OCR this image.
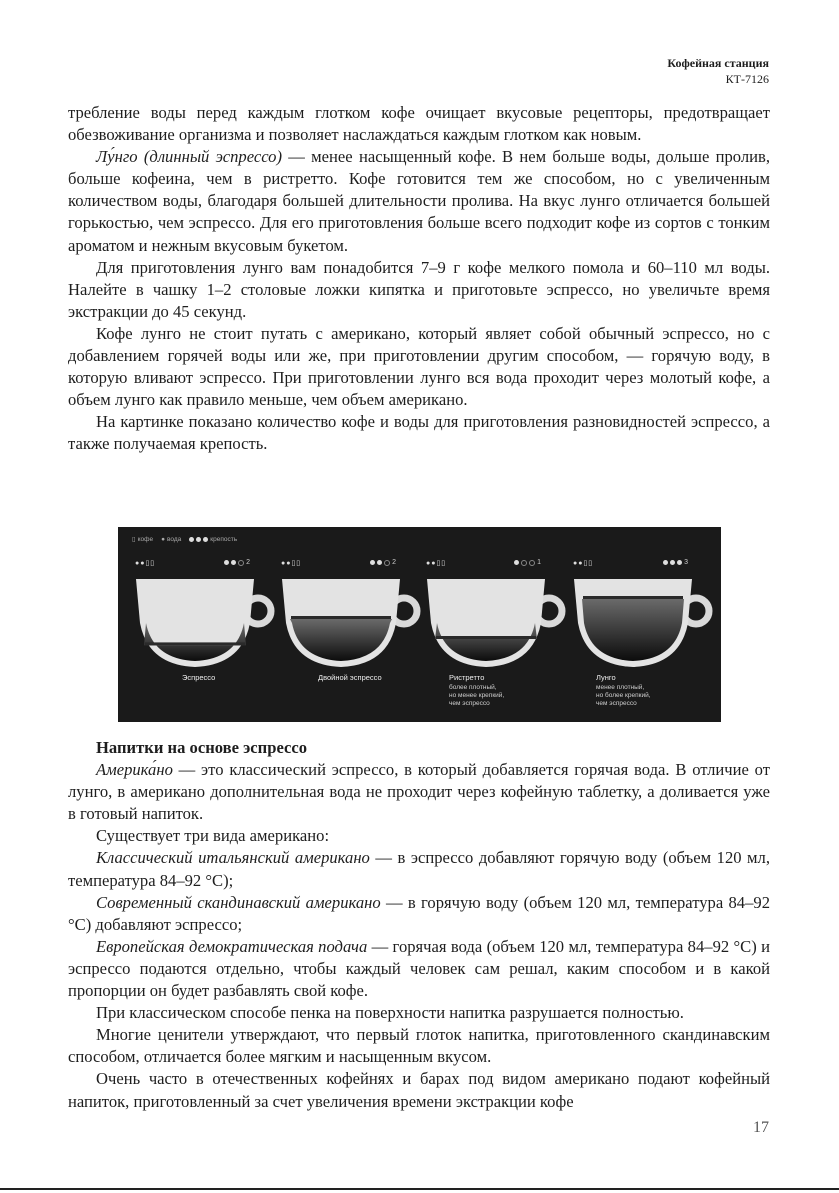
Кофейная станция
КТ-7126

требление воды перед каждым глотком кофе очищает вкусовые рецепторы, предотвращает обезвоживание организма и позволяет наслаждаться каждым глотком как новым.

Лу́нго (длинный эспрессо) — менее насыщенный кофе. В нем больше воды, дольше пролив, больше кофеина, чем в ристретто. Кофе готовится тем же способом, но с увеличенным количеством воды, благодаря большей длительности пролива. На вкус лунго отличается большей горькостью, чем эспрессо. Для его приготовления больше всего подходит кофе из сортов с тонким ароматом и нежным вкусовым букетом.

Для приготовления лунго вам понадобится 7–9 г кофе мелкого помола и 60–110 мл воды. Налейте в чашку 1–2 столовые ложки кипятка и приготовьте эспрессо, но увеличьте время экстракции до 45 секунд.

Кофе лунго не стоит путать с американо, который являет собой обычный эспрессо, но с добавлением горячей воды или же, при приготовлении другим способом, — горячую воду, в которую вливают эспрессо. При приготовлении лунго вся вода проходит через молотый кофе, а объем лунго как правило меньше, чем объем американо.

На картинке показано количество кофе и воды для приготовления разновидностей эспрессо, а также получаемая крепость.

▯ кофе ● вода	крепость
●●▯▯	2
Эспрессо
●●▯▯	2
Двойной эспрессо
●●▯▯	1
Ристретто
более плотный,
но менее крепкий,
чем эспрессо
●●▯▯	3
Лунго
менее плотный,
но более крепкий,
чем эспрессо

Напитки на основе эспрессо

Америка́но — это классический эспрессо, в который добавляется горячая вода. В отличие от лунго, в американо дополнительная вода не проходит через кофейную таблетку, а доливается уже в готовый напиток.

Существует три вида американо:

Классический итальянский американо — в эспрессо добавляют горячую воду (объем 120 мл, температура 84–92 °C);

Современный скандинавский американо — в горячую воду (объем 120 мл, температура 84–92 °C) добавляют эспрессо;

Европейская демократическая подача — горячая вода (объем 120 мл, температура 84–92 °C) и эспрессо подаются отдельно, чтобы каждый человек сам решал, каким способом и в какой пропорции он будет разбавлять свой кофе.

При классическом способе пенка на поверхности напитка разрушается полностью.

Многие ценители утверждают, что первый глоток напитка, приготовленного скандинавским способом, отличается более мягким и насыщенным вкусом.

Очень часто в отечественных кофейнях и барах под видом американо подают кофейный напиток, приготовленный за счет увеличения времени экстракции кофе

17
